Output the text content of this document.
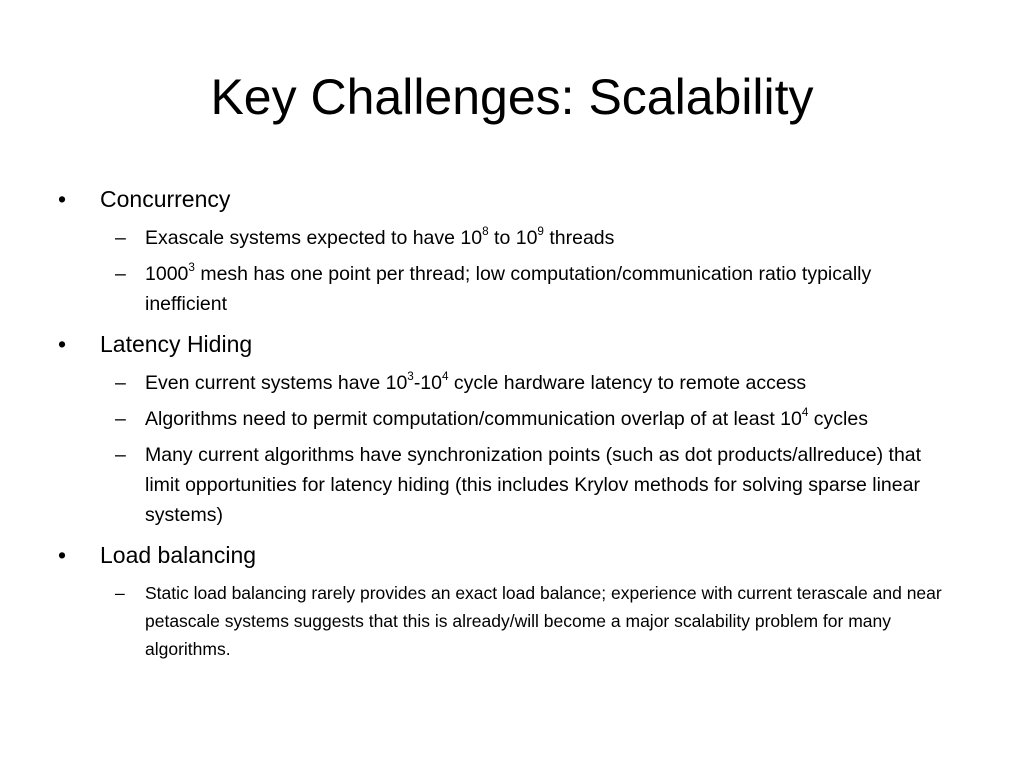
Key Challenges: Scalability
•	Concurrency
– Exascale systems expected to have $10^8$ to $10^9$ threads
– 1000$^3$ mesh has one point per thread; low computation/communication ratio typically inefficient
•	Latency Hiding
– Even current systems have $10^3-10^4$ cycle hardware latency to remote access
– Algorithms need to permit computation/communication overlap of at least $10^4$ cycles
– Many current algorithms have synchronization points (such as dot products/allreduce) that limit opportunities for latency hiding (this includes Krylov methods for solving sparse linear systems)
•	Load balancing
– Static load balancing rarely provides an exact load balance; experience with current terascale and near petascale systems suggests that this is already/will become a major scalability problem for many algorithms.
